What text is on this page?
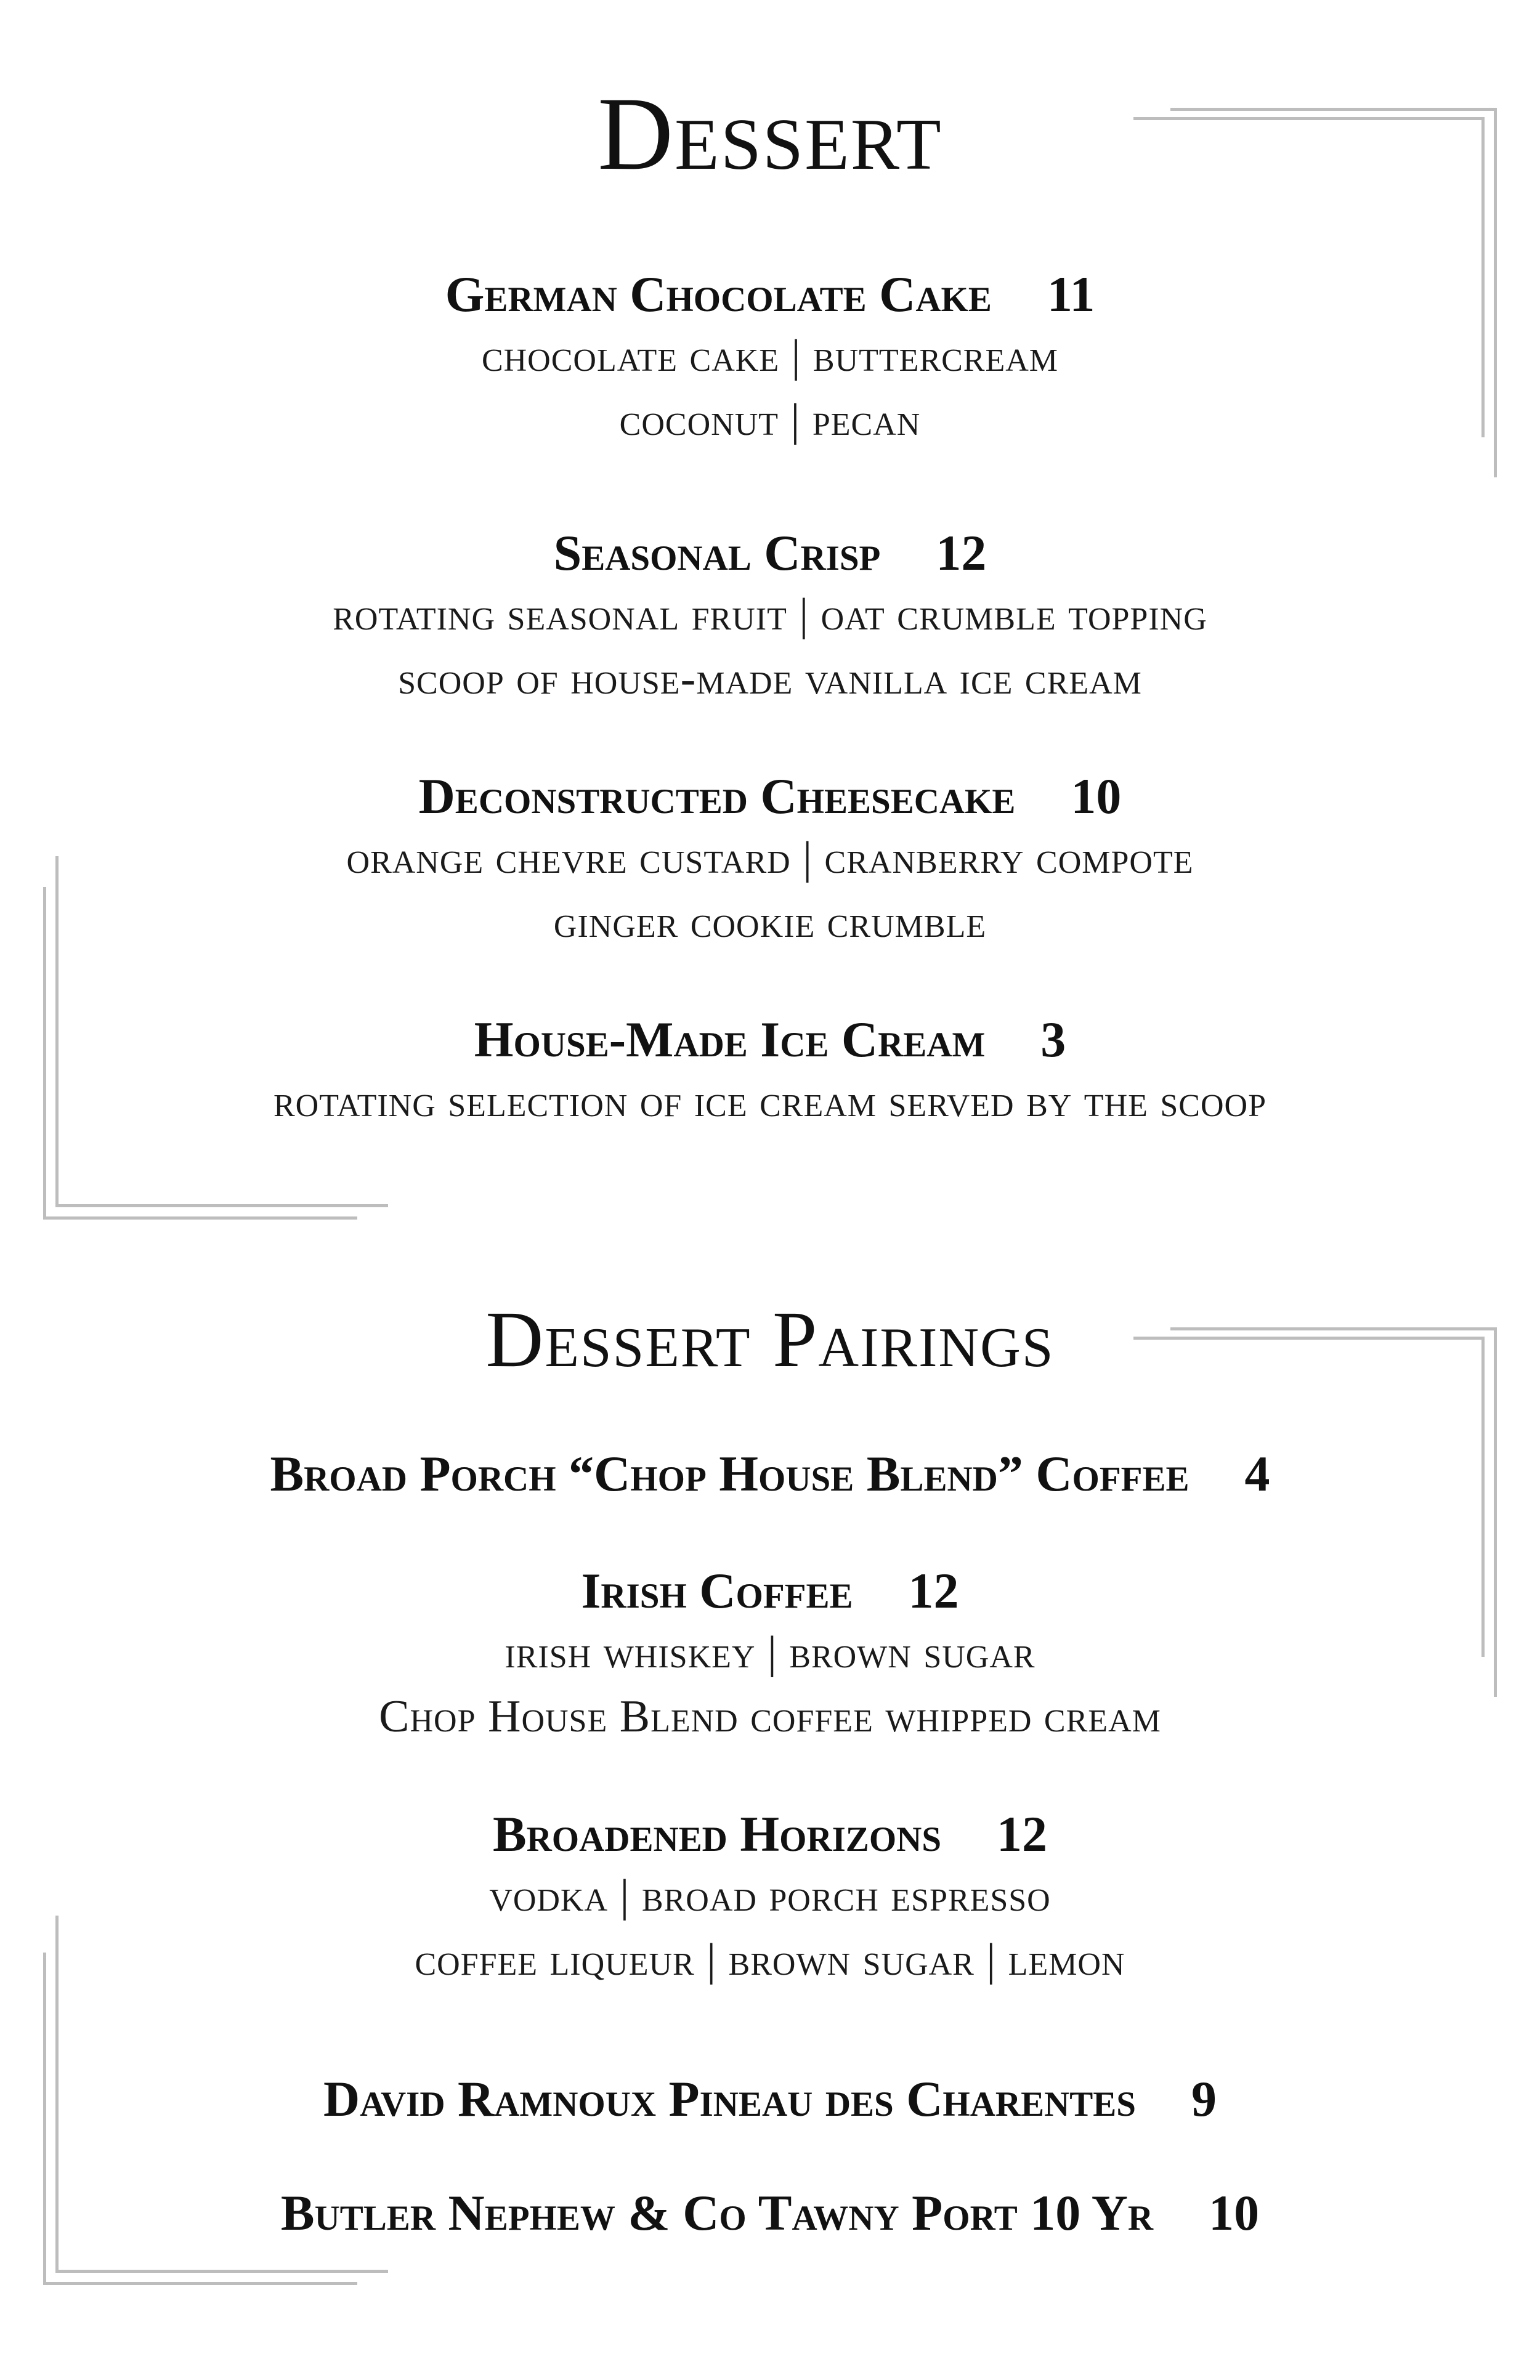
Dessert
German Chocolate Cake 11
chocolate cake | buttercream
coconut | pecan
Seasonal Crisp 12
rotating seasonal fruit | oat crumble topping
scoop of house-made vanilla ice cream
Deconstructed Cheesecake 10
orange chevre custard | cranberry compote
ginger cookie crumble
House-Made Ice Cream 3
rotating selection of ice cream served by the scoop
Dessert Pairings
Broad Porch “Chop House Blend” Coffee 4
Irish Coffee 12
irish whiskey | brown sugar
Chop House Blend coffee whipped cream
Broadened Horizons 12
vodka | broad porch espresso
coffee liqueur | brown sugar | lemon
David Ramnoux Pineau des Charentes 9
Butler Nephew & Co Tawny Port 10 Yr 10
